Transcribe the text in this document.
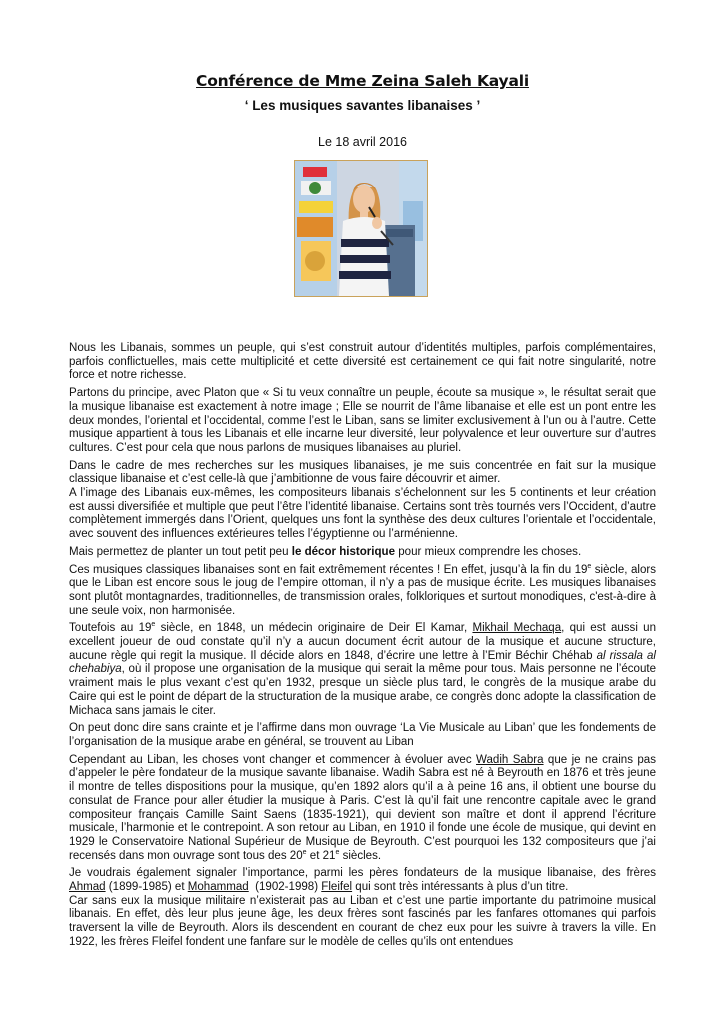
Conférence de Mme Zeina Saleh Kayali
‘ Les musiques savantes libanaises ’
Le 18 avril 2016

Nous les Libanais, sommes un peuple, qui s’est construit autour d’identités multiples, parfois complémentaires, parfois conflictuelles, mais cette multiplicité et cette diversité est certainement ce qui fait notre singularité, notre force et notre richesse.

Partons du principe, avec Platon que « Si tu veux connaître un peuple, écoute sa musique », le résultat serait que la musique libanaise est exactement à notre image ; Elle se nourrit de l’âme libanaise et elle est un pont entre les deux mondes, l’oriental et l’occidental, comme l’est le Liban, sans se limiter exclusivement à l’un ou à l’autre. Cette musique appartient à tous les Libanais et elle incarne leur diversité, leur polyvalence et leur ouverture sur d’autres cultures. C’est pour cela que nous parlons de musiques libanaises au pluriel.

Dans le cadre de mes recherches sur les musiques libanaises, je me suis concentrée en fait sur la musique classique libanaise et c’est celle-là que j’ambitionne de vous faire découvrir et aimer.

A l’image des Libanais eux-mêmes, les compositeurs libanais s’échelonnent sur les 5 continents et leur création est aussi diversifiée et multiple que peut l’être l’identité libanaise. Certains sont très tournés vers l’Occident, d’autre complètement immergés dans l’Orient, quelques uns font la synthèse des deux cultures l’orientale et l’occidentale, avec souvent des influences extérieures telles l’égyptienne ou l’arménienne.

Mais permettez de planter un tout petit peu le décor historique pour mieux comprendre les choses.

Ces musiques classiques libanaises sont en fait extrêmement récentes ! En effet, jusqu’à la fin du 19e siècle, alors que le Liban est encore sous le joug de l’empire ottoman, il n’y a pas de musique écrite. Les musiques libanaises sont plutôt montagnardes, traditionnelles, de transmission orales, folkloriques et surtout monodiques, c'est-à-dire à une seule voix, non harmonisée.

Toutefois au 19e siècle, en 1848, un médecin originaire de Deir El Kamar, Mikhail Mechaqa, qui est aussi un excellent joueur de oud constate qu’il n’y a aucun document écrit autour de la musique et aucune structure, aucune règle qui regit la musique. Il décide alors en 1848, d’écrire une lettre à l’Emir Béchir Chéhab al rissala al chehabiya, où il propose une organisation de la musique qui serait la même pour tous. Mais personne ne l’écoute vraiment mais le plus vexant c’est qu’en 1932, presque un siècle plus tard, le congrès de la musique arabe du Caire qui est le point de départ de la structuration de la musique arabe, ce congrès donc adopte la classification de Michaca sans jamais le citer.

On peut donc dire sans crainte et je l’affirme dans mon ouvrage ‘La Vie Musicale au Liban’ que les fondements de l’organisation de la musique arabe en général, se trouvent au Liban

Cependant au Liban, les choses vont changer et commencer à évoluer avec Wadih Sabra que je ne crains pas d’appeler le père fondateur de la musique savante libanaise. Wadih Sabra est né à Beyrouth en 1876 et très jeune il montre de telles dispositions pour la musique, qu’en 1892 alors qu’il a à peine 16 ans, il obtient une bourse du consulat de France pour aller étudier la musique à Paris. C’est là qu’il fait une rencontre capitale avec le grand compositeur français Camille Saint Saens (1835-1921), qui devient son maître et dont il apprend l’écriture musicale, l’harmonie et le contrepoint. A son retour au Liban, en 1910 il fonde une école de musique, qui devint en 1929 le Conservatoire National Supérieur de Musique de Beyrouth. C’est pourquoi les 132 compositeurs que j’ai recensés dans mon ouvrage sont tous des 20e et 21e siècles.

Je voudrais également signaler l’importance, parmi les pères fondateurs de la musique libanaise, des frères Ahmad (1899-1985) et Mohammad  (1902-1998) Fleifel qui sont très intéressants à plus d’un titre.

Car sans eux la musique militaire n’existerait pas au Liban et c’est une partie importante du patrimoine musical libanais. En effet, dès leur plus jeune âge, les deux frères sont fascinés par les fanfares ottomanes qui parfois traversent la ville de Beyrouth. Alors ils descendent en courant de chez eux pour les suivre à travers la ville. En 1922, les frères Fleifel fondent une fanfare sur le modèle de celles qu’ils ont entendues
